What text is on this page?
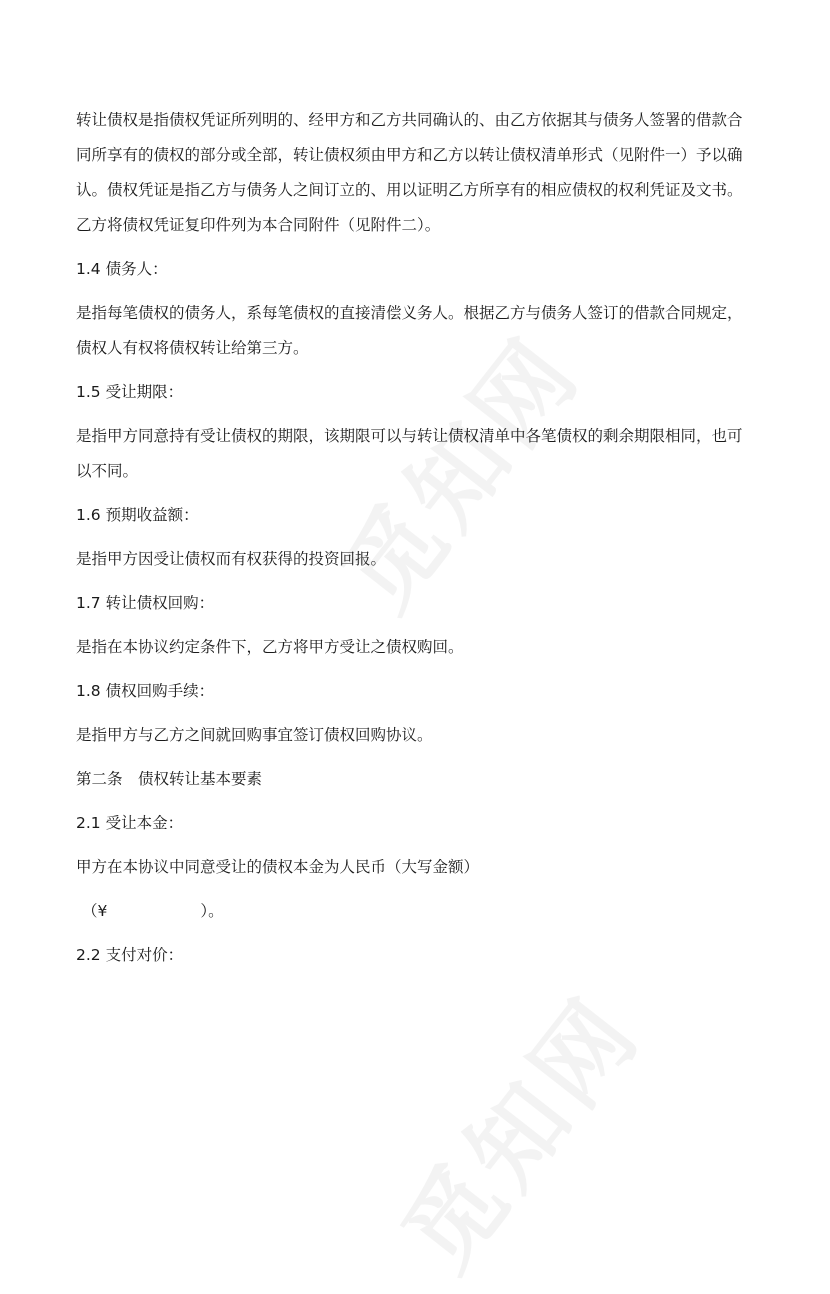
转让债权是指债权凭证所列明的、经甲方和乙方共同确认的、由乙方依据其与债务人签署的借款合同所享有的债权的部分或全部，转让债权须由甲方和乙方以转让债权清单形式（见附件一）予以确认。债权凭证是指乙方与债务人之间订立的、用以证明乙方所享有的相应债权的权利凭证及文书。乙方将债权凭证复印件列为本合同附件（见附件二）。

1.4 债务人：

是指每笔债权的债务人，系每笔债权的直接清偿义务人。根据乙方与债务人签订的借款合同规定，债权人有权将债权转让给第三方。

1.5 受让期限：

是指甲方同意持有受让债权的期限，该期限可以与转让债权清单中各笔债权的剩余期限相同，也可以不同。

1.6 预期收益额：

是指甲方因受让债权而有权获得的投资回报。

1.7 转让债权回购：

是指在本协议约定条件下，乙方将甲方受让之债权购回。

1.8 债权回购手续：

是指甲方与乙方之间就回购事宜签订债权回购协议。

第二条　债权转让基本要素

2.1 受让本金：

甲方在本协议中同意受让的债权本金为人民币（大写金额）

（¥　　　　　　）。

2.2 支付对价：
